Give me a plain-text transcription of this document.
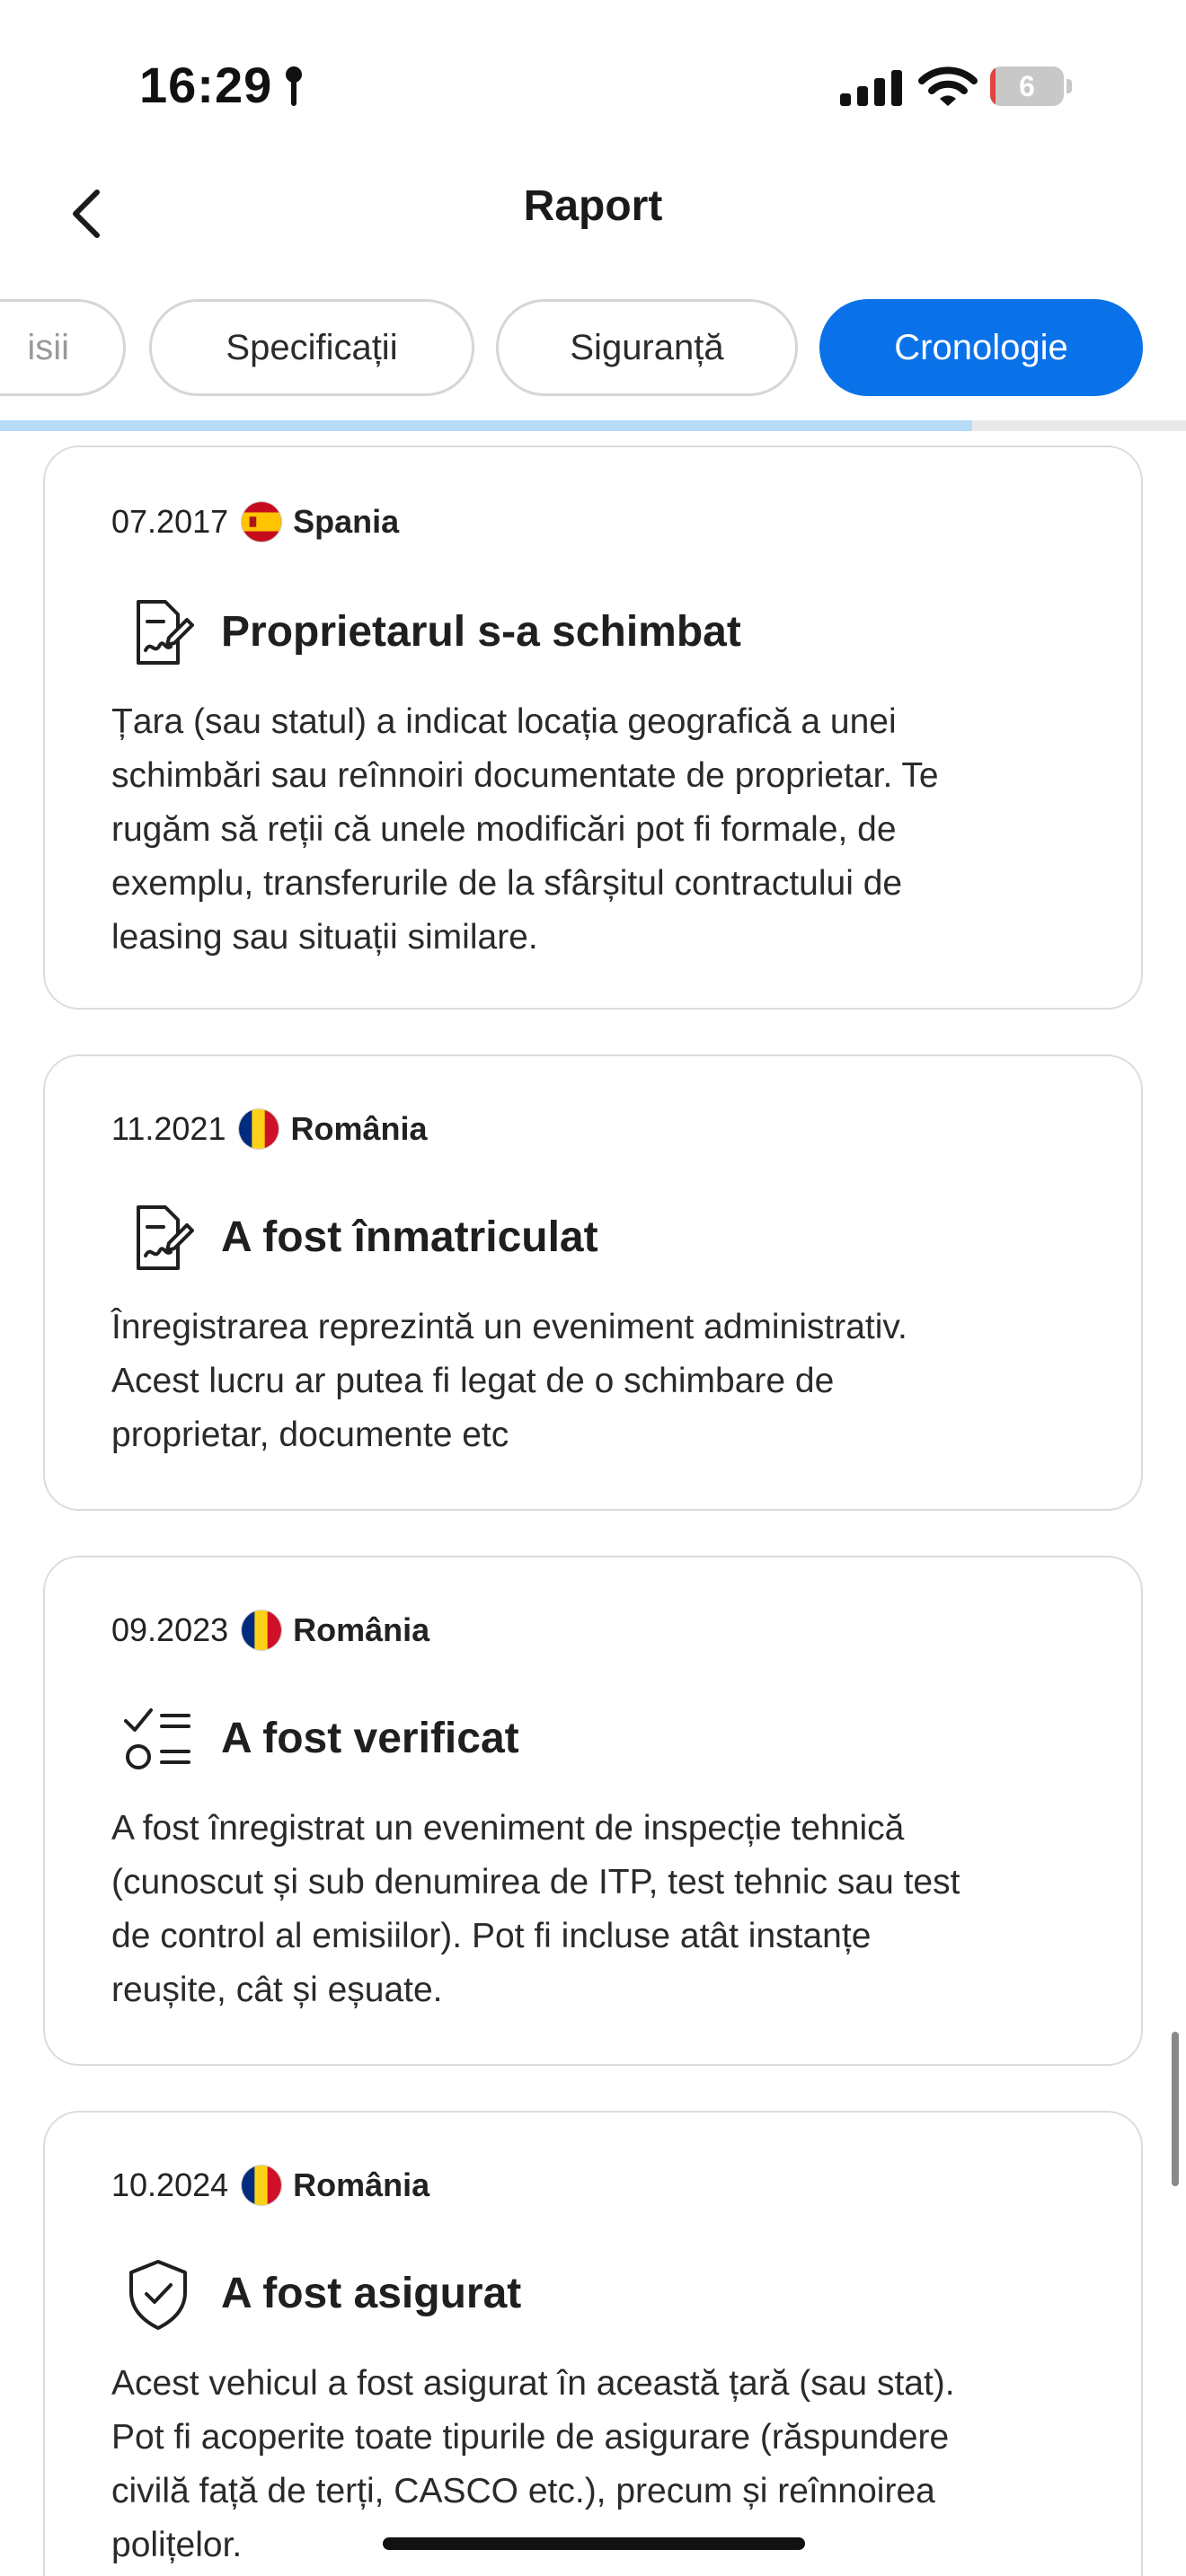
16:29	6
Raport
isii	Specificații	Siguranță	Cronologie
07.2017 Spania
Proprietarul s-a schimbat
Țara (sau statul) a indicat locația geografică a unei
schimbări sau reînnoiri documentate de proprietar. Te
rugăm să reții că unele modificări pot fi formale, de
exemplu, transferurile de la sfârșitul contractului de
leasing sau situații similare.
11.2021 România
A fost înmatriculat
Înregistrarea reprezintă un eveniment administrativ.
Acest lucru ar putea fi legat de o schimbare de
proprietar, documente etc
09.2023 România
A fost verificat
A fost înregistrat un eveniment de inspecție tehnică
(cunoscut și sub denumirea de ITP, test tehnic sau test
de control al emisiilor). Pot fi incluse atât instanțe
reușite, cât și eșuate.
10.2024 România
A fost asigurat
Acest vehicul a fost asigurat în această țară (sau stat).
Pot fi acoperite toate tipurile de asigurare (răspundere
civilă față de terți, CASCO etc.), precum și reînnoirea
polițelor.
